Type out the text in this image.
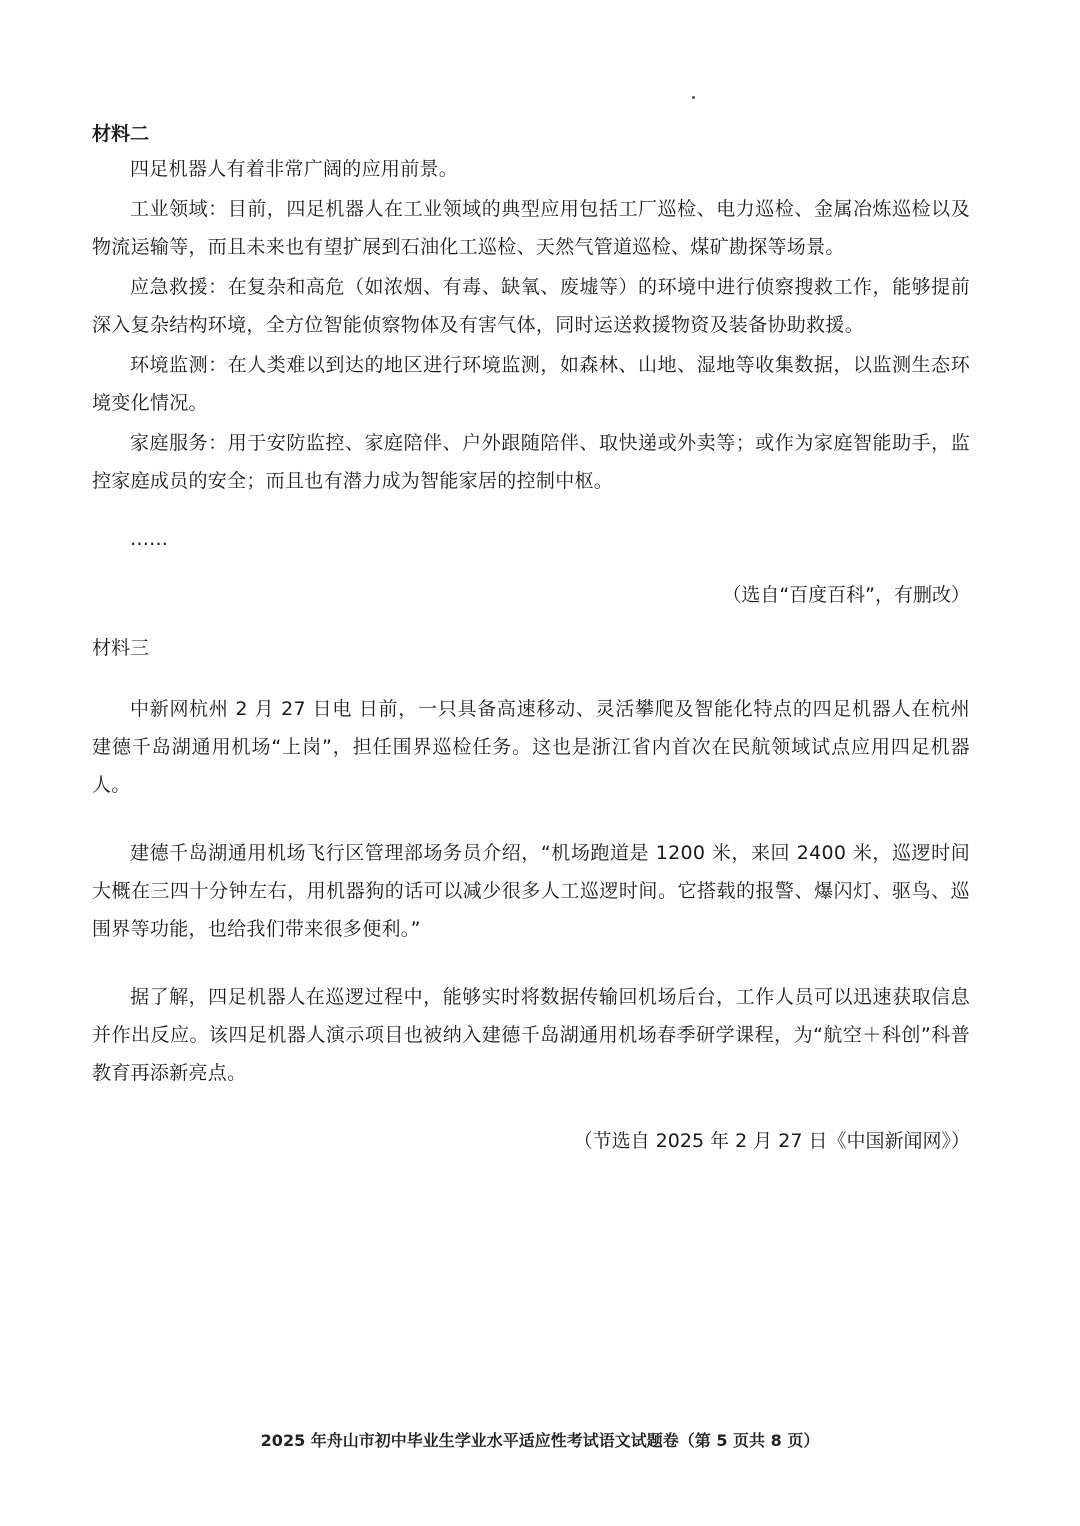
材料二

四足机器人有着非常广阔的应用前景。

工业领域：目前，四足机器人在工业领域的典型应用包括工厂巡检、电力巡检、金属冶炼巡检以及物流运输等，而且未来也有望扩展到石油化工巡检、天然气管道巡检、煤矿勘探等场景。

应急救援：在复杂和高危（如浓烟、有毒、缺氧、废墟等）的环境中进行侦察搜救工作，能够提前深入复杂结构环境，全方位智能侦察物体及有害气体，同时运送救援物资及装备协助救援。

环境监测：在人类难以到达的地区进行环境监测，如森林、山地、湿地等收集数据，以监测生态环境变化情况。

家庭服务：用于安防监控、家庭陪伴、户外跟随陪伴、取快递或外卖等；或作为家庭智能助手，监控家庭成员的安全；而且也有潜力成为智能家居的控制中枢。

……

（选自“百度百科”，有删改）

材料三

中新网杭州 2 月 27 日电 日前，一只具备高速移动、灵活攀爬及智能化特点的四足机器人在杭州建德千岛湖通用机场“上岗”，担任围界巡检任务。这也是浙江省内首次在民航领域试点应用四足机器人。

建德千岛湖通用机场飞行区管理部场务员介绍，“机场跑道是 1200 米，来回 2400 米，巡逻时间大概在三四十分钟左右，用机器狗的话可以减少很多人工巡逻时间。它搭载的报警、爆闪灯、驱鸟、巡围界等功能，也给我们带来很多便利。”

据了解，四足机器人在巡逻过程中，能够实时将数据传输回机场后台，工作人员可以迅速获取信息并作出反应。该四足机器人演示项目也被纳入建德千岛湖通用机场春季研学课程，为“航空＋科创”科普教育再添新亮点。

（节选自 2025 年 2 月 27 日《中国新闻网》）

2025 年舟山市初中毕业生学业水平适应性考试语文试题卷（第 5 页共 8 页）
